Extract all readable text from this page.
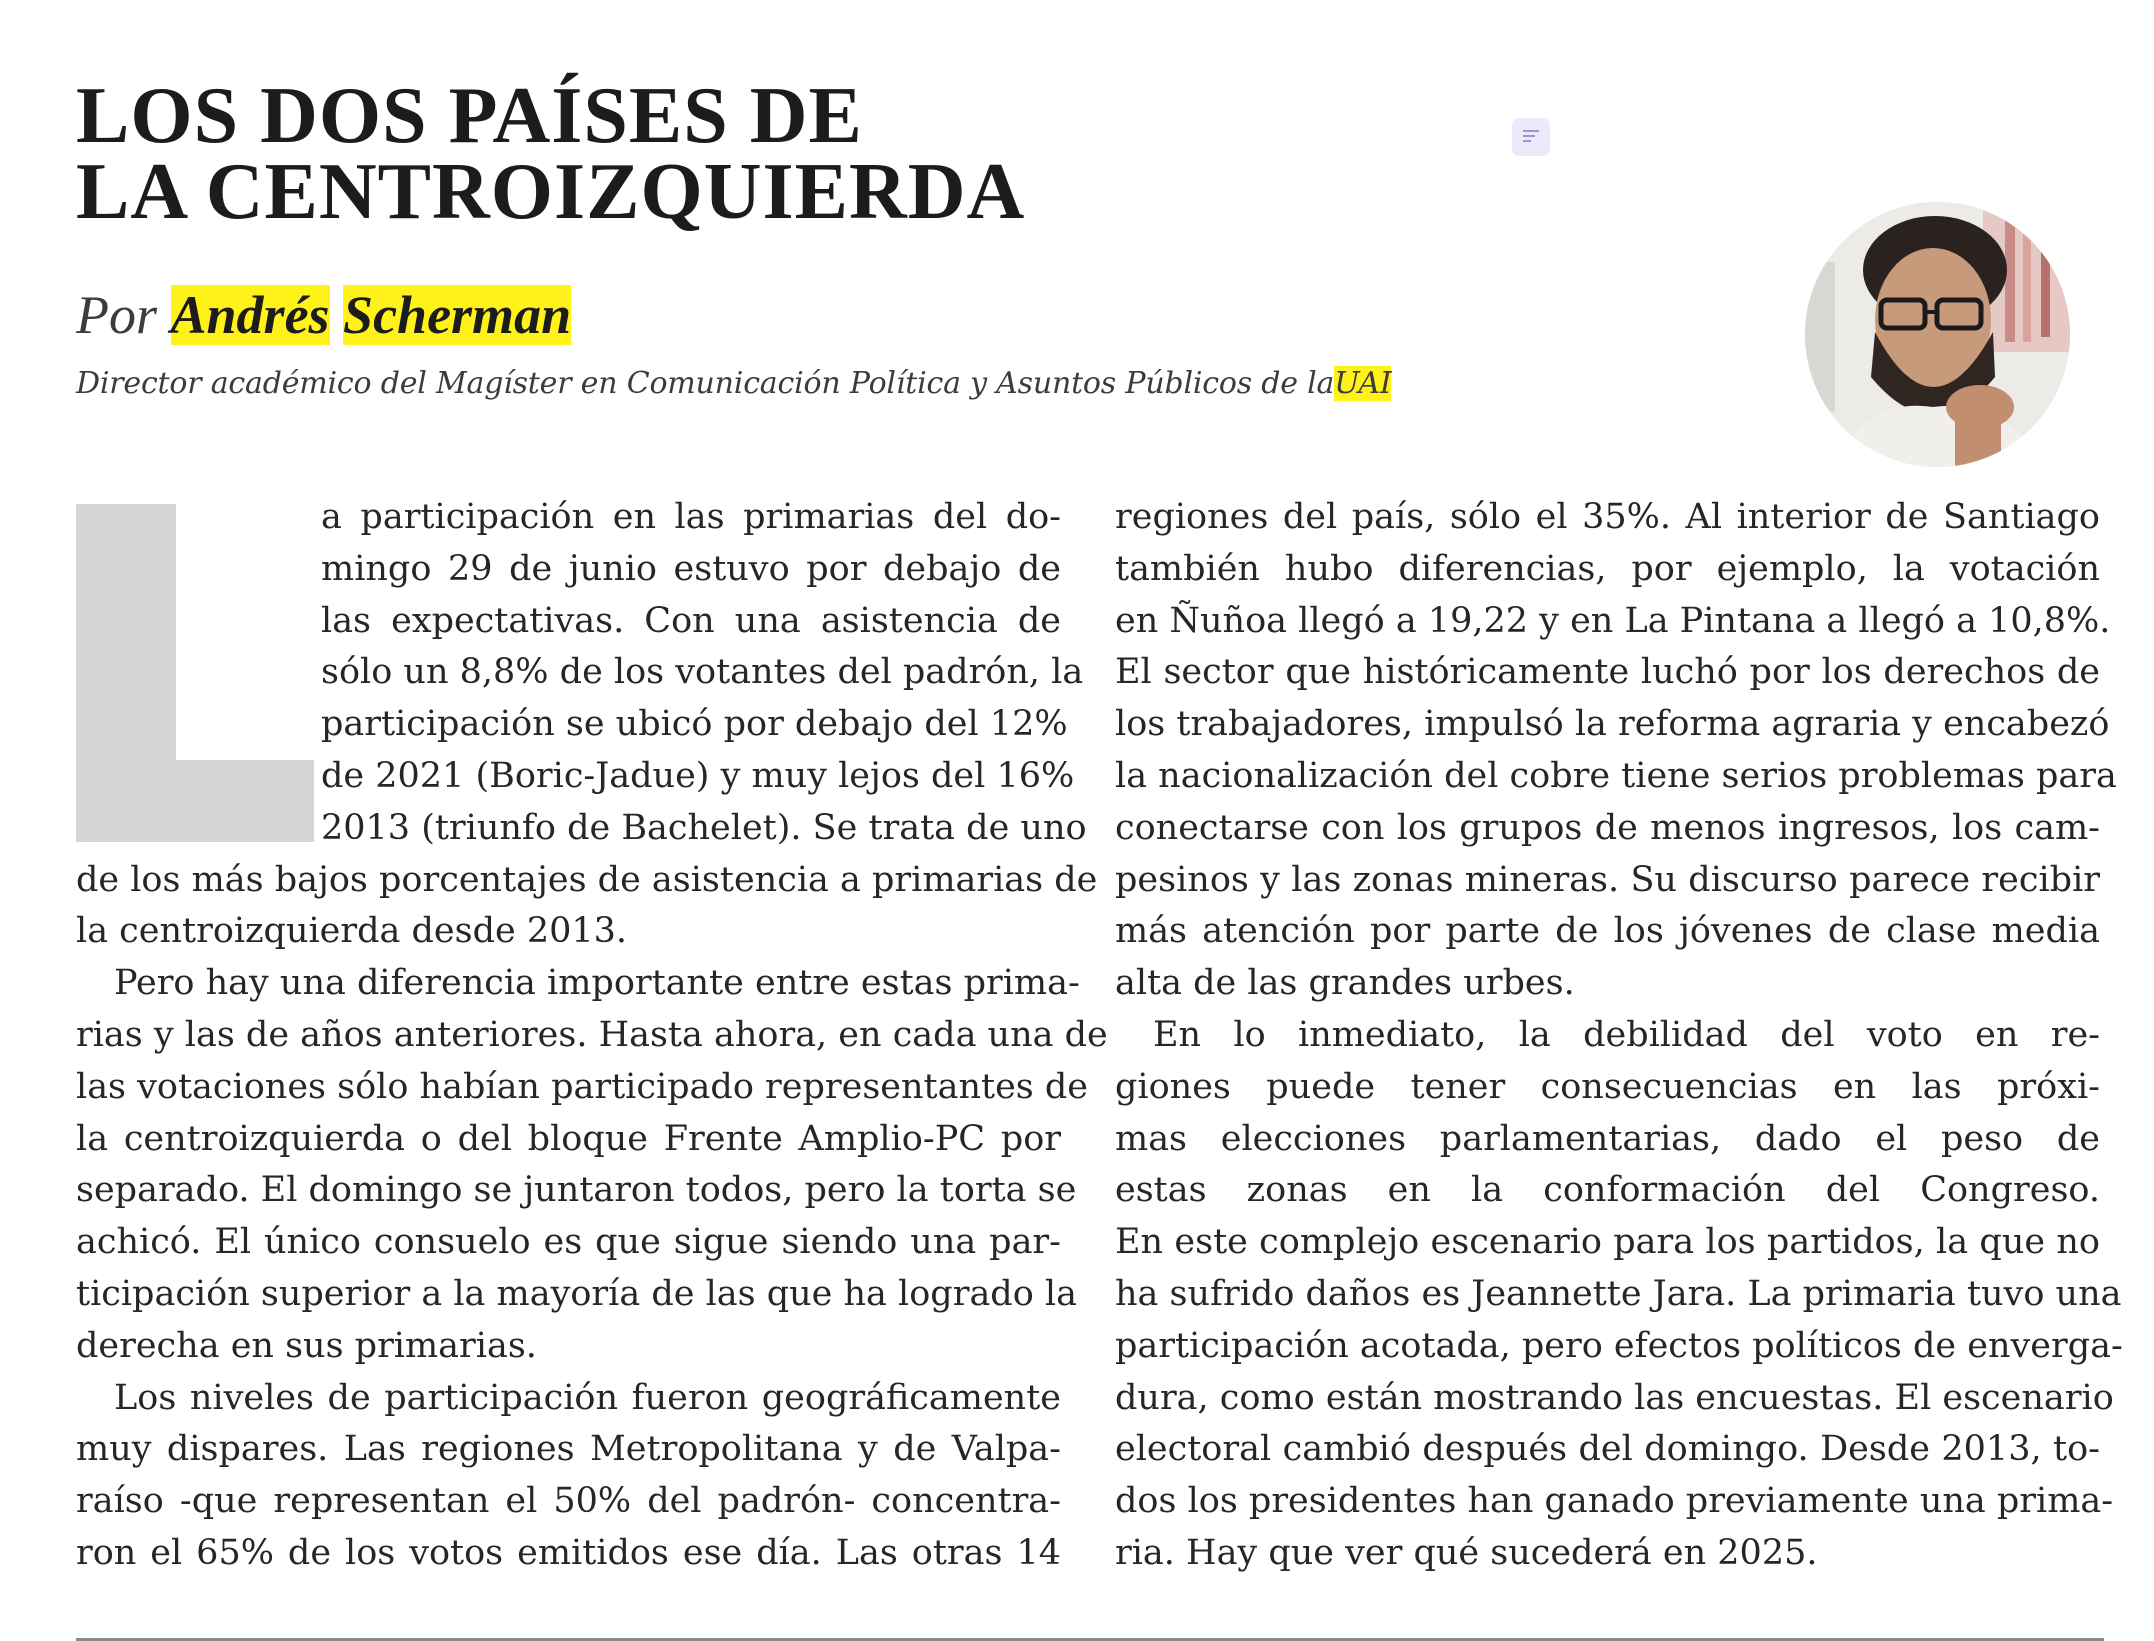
LOS DOS PAÍSES DE
LA CENTROIZQUIERDA
Por Andrés Scherman
Director académico del Magíster en Comunicación Política y Asuntos Públicos de laUAI
a participación en las primarias del do-
mingo 29 de junio estuvo por debajo de
las expectativas. Con una asistencia de
sólo un 8,8% de los votantes del padrón, la
participación se ubicó por debajo del 12%
de 2021 (Boric-Jadue) y muy lejos del 16%
2013 (triunfo de Bachelet). Se trata de uno
de los más bajos porcentajes de asistencia a primarias de
la centroizquierda desde 2013.
Pero hay una diferencia importante entre estas prima-
rias y las de años anteriores. Hasta ahora, en cada una de
las votaciones sólo habían participado representantes de
la centroizquierda o del bloque Frente Amplio-PC por
separado. El domingo se juntaron todos, pero la torta se
achicó. El único consuelo es que sigue siendo una par-
ticipación superior a la mayoría de las que ha logrado la
derecha en sus primarias.
Los niveles de participación fueron geográficamente
muy dispares. Las regiones Metropolitana y de Valpa-
raíso -que representan el 50% del padrón- concentra-
ron el 65% de los votos emitidos ese día. Las otras 14
regiones del país, sólo el 35%. Al interior de Santiago
también hubo diferencias, por ejemplo, la votación
en Ñuñoa llegó a 19,22 y en La Pintana a llegó a 10,8%.
El sector que históricamente luchó por los derechos de
los trabajadores, impulsó la reforma agraria y encabezó
la nacionalización del cobre tiene serios problemas para
conectarse con los grupos de menos ingresos, los cam-
pesinos y las zonas mineras. Su discurso parece recibir
más atención por parte de los jóvenes de clase media
alta de las grandes urbes.
En lo inmediato, la debilidad del voto en re-
giones puede tener consecuencias en las próxi-
mas elecciones parlamentarias, dado el peso de
estas zonas en la conformación del Congreso.
En este complejo escenario para los partidos, la que no
ha sufrido daños es Jeannette Jara. La primaria tuvo una
participación acotada, pero efectos políticos de enverga-
dura, como están mostrando las encuestas. El escenario
electoral cambió después del domingo. Desde 2013, to-
dos los presidentes han ganado previamente una prima-
ria. Hay que ver qué sucederá en 2025.
